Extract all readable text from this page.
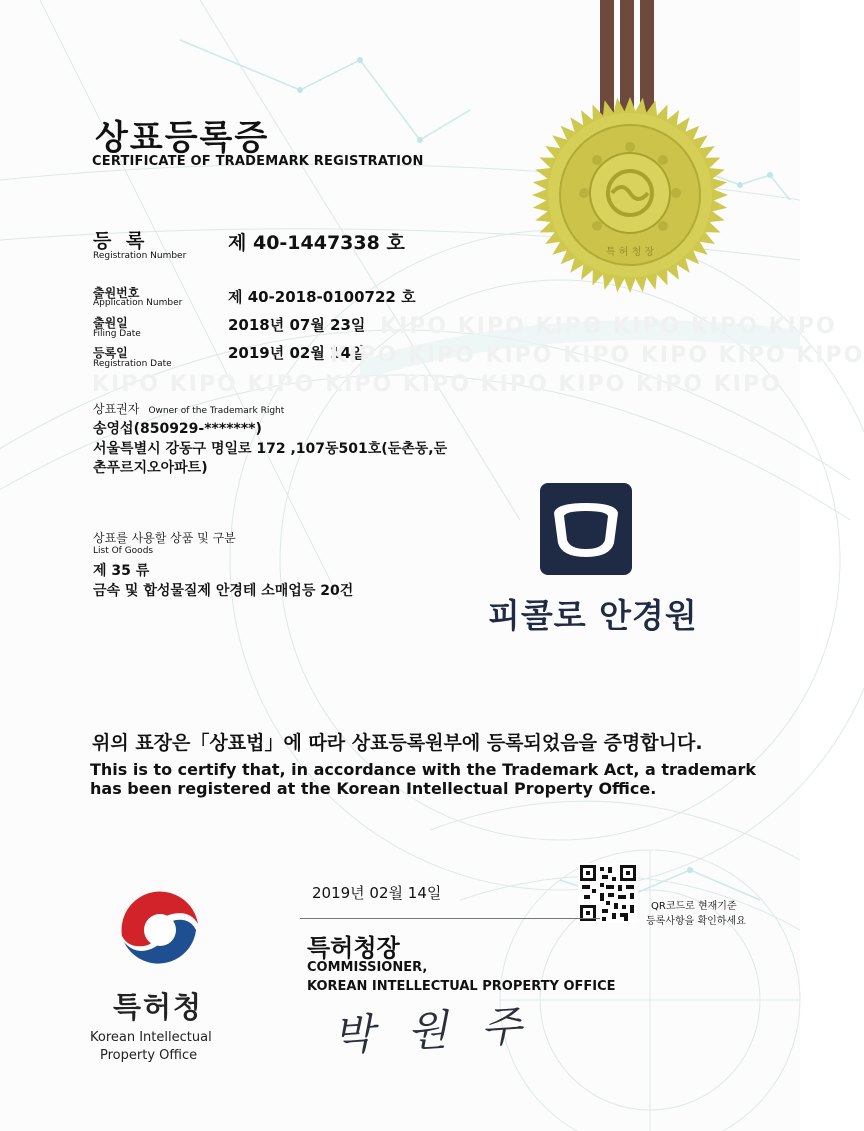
특 허 청 장
상표등록증
CERTIFICATE OF TRADEMARK REGISTRATION
등 록
Registration Number
제 40-1447338 호
출원번호
Application Number	제 40-2018-0100722 호
출원일
Filing Date	2018년 07월 23일
등록일
Registration Date
2019년 02월 14일
KIPO KIPO KIPO KIPO KIPO KIPO
KIPO KIPO KIPO KIPO KIPO KIPO KIPO
KIPO KIPO KIPO KIPO KIPO KIPO KIPO KIPO KIPO
상표권자 Owner of the Trademark Right
송영섭(850929-*******)
서울특별시 강동구 명일로 172 ,107동501호(둔촌동,둔
촌푸르지오아파트)
상표를 사용할 상품 및 구분
List Of Goods
제 35 류
금속 및 합성물질제 안경테 소매업등 20건
피콜로 안경원
위의 표장은「상표법」에 따라 상표등록원부에 등록되었음을 증명합니다.
This is to certify that, in accordance with the Trademark Act, a trademark
has been registered at the Korean Intellectual Property Office.
2019년 02월 14일
QR코드로 현재기준
등록사항을 확인하세요
특허청장
COMMISSIONER,
KOREAN INTELLECTUAL PROPERTY OFFICE
박 원 주
특허청
Korean Intellectual
Property Office
